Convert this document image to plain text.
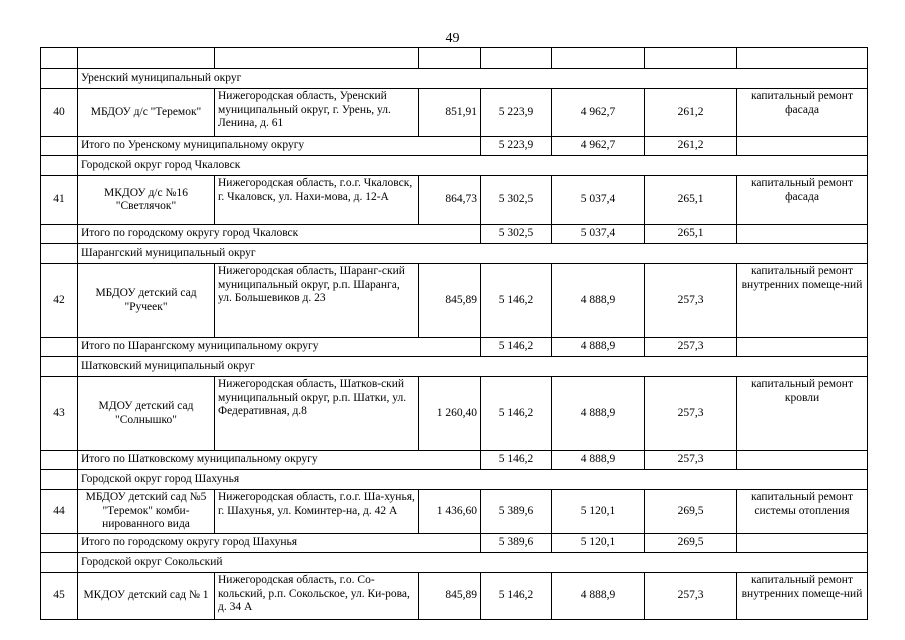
49

	Уренский муниципальный округ						
40	МБДОУ д/с "Теремок"	Нижегородская область, Уренский муниципальный округ, г. Урень, ул. Ленина, д. 61	851,91	5 223,9	4 962,7	261,2	капитальный ремонт фасада
	Итого по Уренскому муниципальному округу			5 223,9	4 962,7	261,2	
	Городской округ город Чкаловск						
41	МКДОУ д/с №16 "Светлячок"	Нижегородская область, г.о.г. Чкаловск, г. Чкаловск, ул. Нахи-мова, д. 12-А	864,73	5 302,5	5 037,4	265,1	капитальный ремонт фасада
	Итого по городскому округу город Чкаловск			5 302,5	5 037,4	265,1	
	Шарангский муниципальный округ						
42	МБДОУ детский сад "Ручеек"	Нижегородская область, Шаранг-ский муниципальный округ, р.п. Шаранга, ул. Большевиков д. 23	845,89	5 146,2	4 888,9	257,3	капитальный ремонт внутренних помеще-ний
	Итого по Шарангскому муниципальному округу			5 146,2	4 888,9	257,3	
	Шатковский муниципальный округ						
43	МДОУ детский сад "Солнышко"	Нижегородская область, Шатков-ский муниципальный округ, р.п. Шатки, ул. Федеративная, д.8	1 260,40	5 146,2	4 888,9	257,3	капитальный ремонт кровли
	Итого по Шатковскому муниципальному округу			5 146,2	4 888,9	257,3	
	Городской округ город Шахунья						
44	МБДОУ детский сад №5 "Теремок" комби-нированного вида	Нижегородская область, г.о.г. Ша-хунья, г. Шахунья, ул. Коминтер-на, д. 42 А	1 436,60	5 389,6	5 120,1	269,5	капитальный ремонт системы отопления
	Итого по городскому округу город Шахунья			5 389,6	5 120,1	269,5	
	Городской округ Сокольский						
45	МКДОУ детский сад № 1	Нижегородская область, г.о. Со-кольский, р.п. Сокольское, ул. Ки-рова, д. 34 А	845,89	5 146,2	4 888,9	257,3	капитальный ремонт внутренних помеще-ний
